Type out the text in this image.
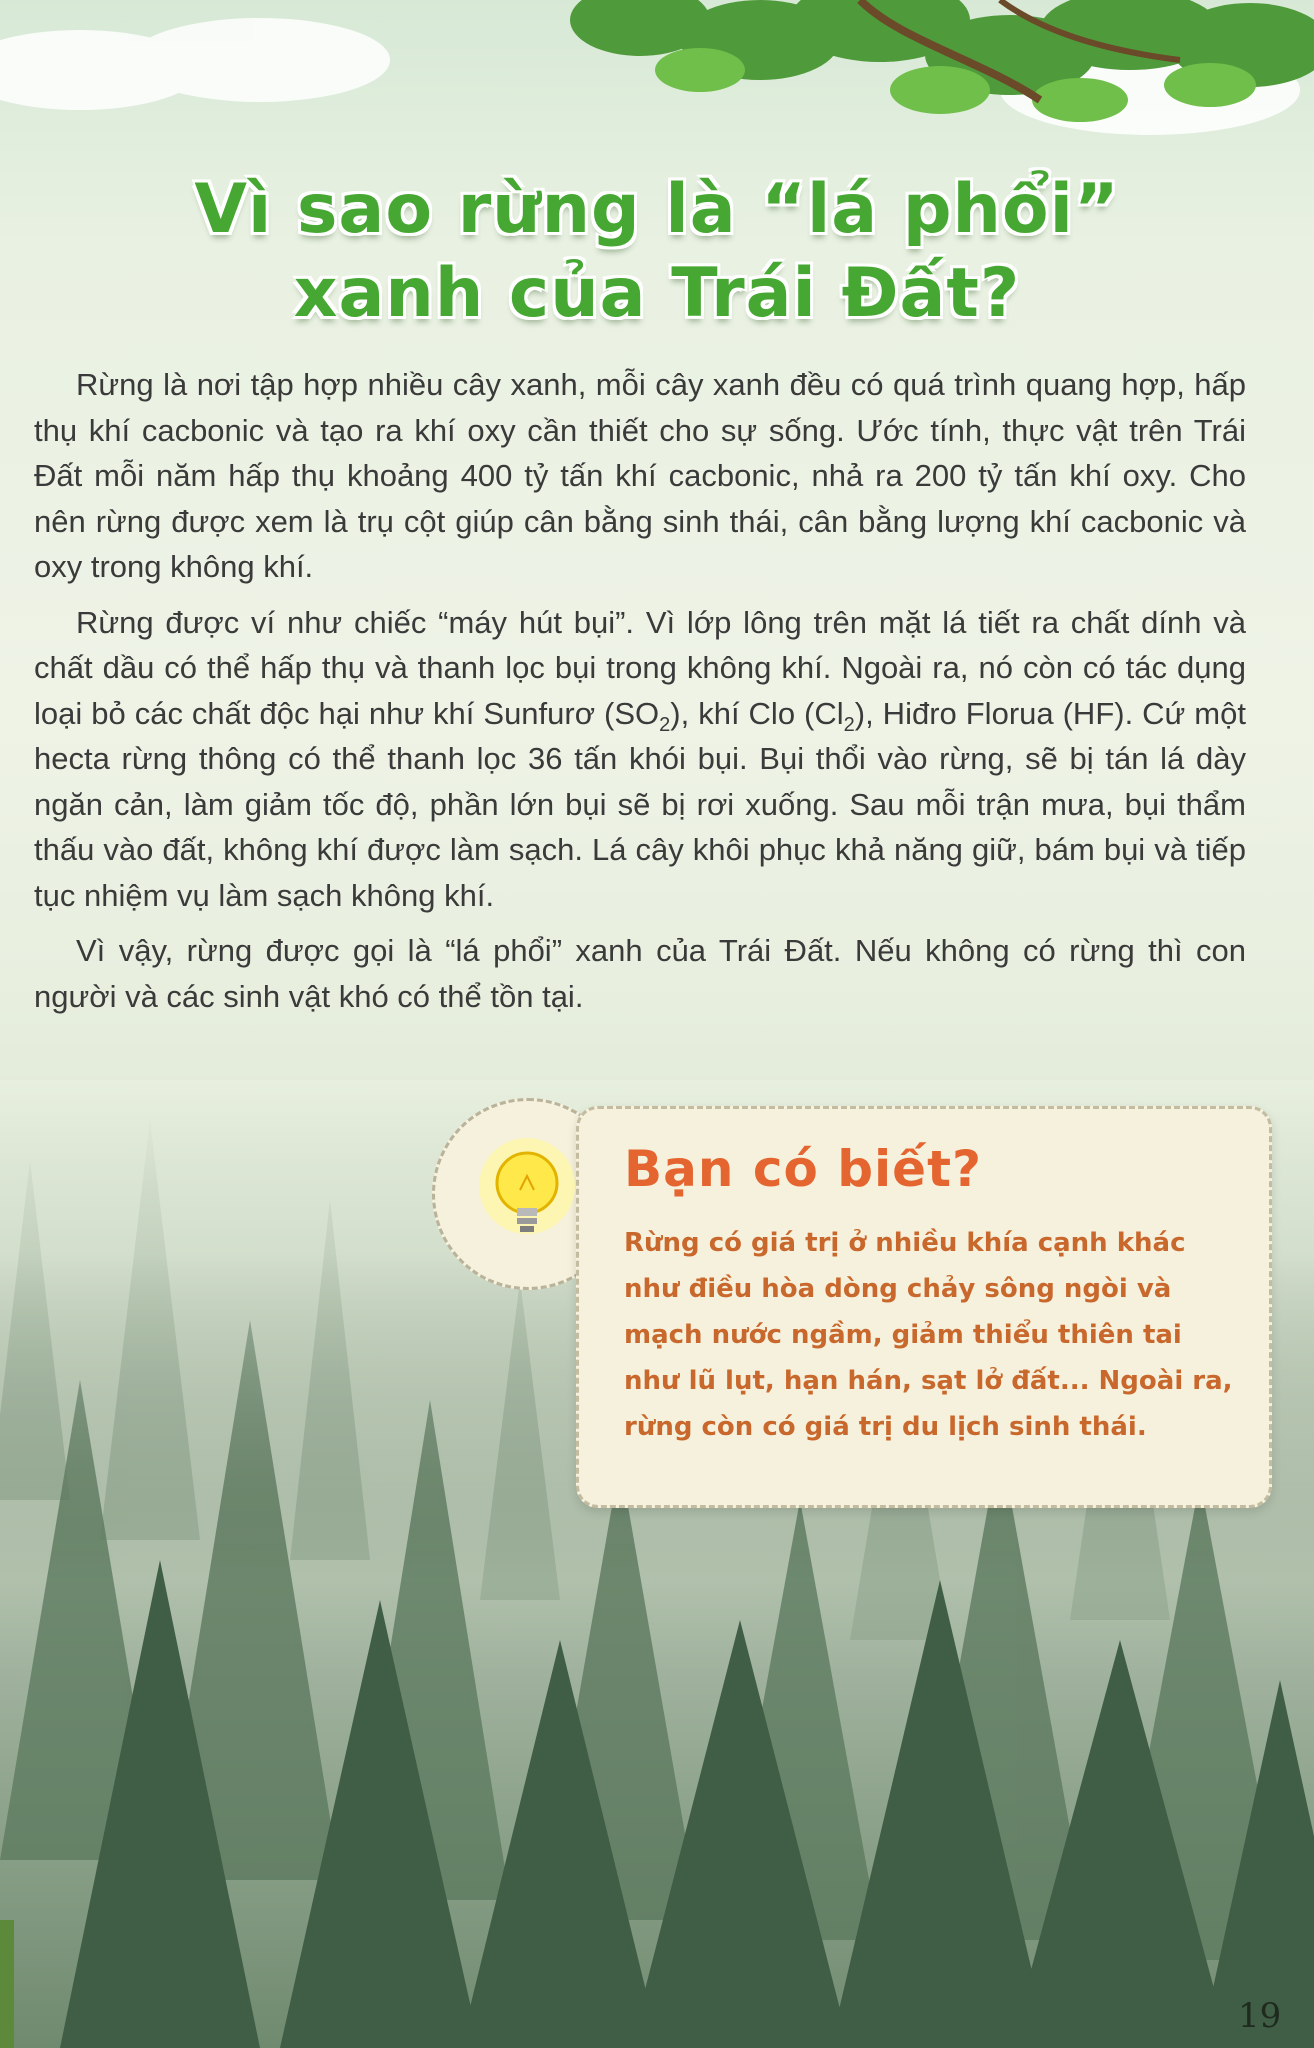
Vì sao rừng là “lá phổi”
xanh của Trái Đất?

Rừng là nơi tập hợp nhiều cây xanh, mỗi cây xanh đều có quá trình quang hợp, hấp thụ khí cacbonic và tạo ra khí oxy cần thiết cho sự sống. Ước tính, thực vật trên Trái Đất mỗi năm hấp thụ khoảng 400 tỷ tấn khí cacbonic, nhả ra 200 tỷ tấn khí oxy. Cho nên rừng được xem là trụ cột giúp cân bằng sinh thái, cân bằng lượng khí cacbonic và oxy trong không khí.

Rừng được ví như chiếc “máy hút bụi”. Vì lớp lông trên mặt lá tiết ra chất dính và chất dầu có thể hấp thụ và thanh lọc bụi trong không khí. Ngoài ra, nó còn có tác dụng loại bỏ các chất độc hại như khí Sunfurơ $(SO_2)$, khí Clo $(Cl_2)$, Hiđro Florua (HF). Cứ một hecta rừng thông có thể thanh lọc 36 tấn khói bụi. Bụi thổi vào rừng, sẽ bị tán lá dày ngăn cản, làm giảm tốc độ, phần lớn bụi sẽ bị rơi xuống. Sau mỗi trận mưa, bụi thẩm thấu vào đất, không khí được làm sạch. Lá cây khôi phục khả năng giữ, bám bụi và tiếp tục nhiệm vụ làm sạch không khí.

Vì vậy, rừng được gọi là “lá phổi” xanh của Trái Đất. Nếu không có rừng thì con người và các sinh vật khó có thể tồn tại.

Bạn có biết?
Rừng có giá trị ở nhiều khía cạnh khác như điều hòa dòng chảy sông ngòi và mạch nước ngầm, giảm thiểu thiên tai như lũ lụt, hạn hán, sạt lở đất... Ngoài ra, rừng còn có giá trị du lịch sinh thái.
19
